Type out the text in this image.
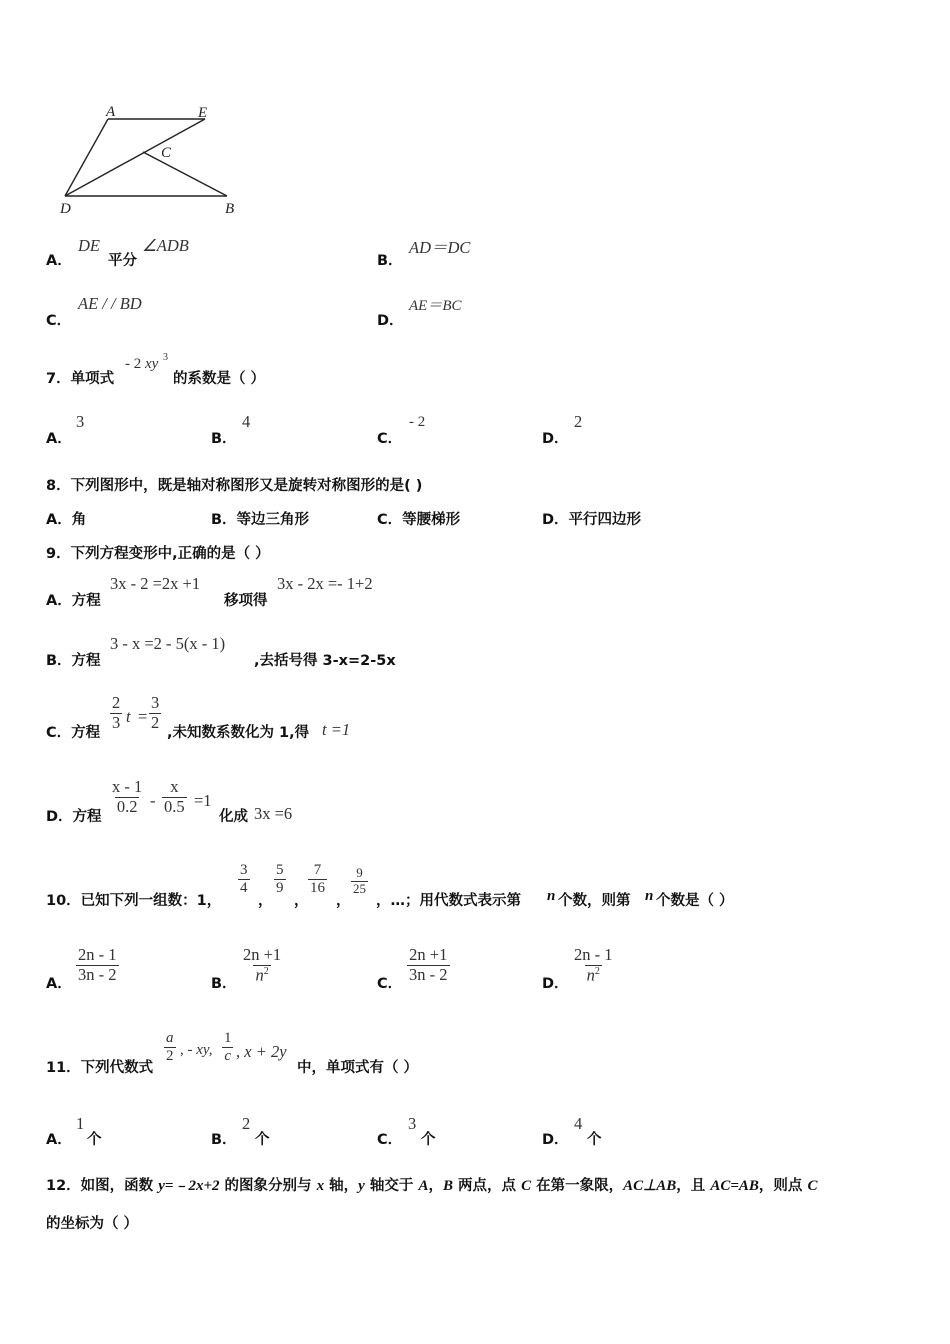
A	E
C
D	B
A．
DE
平分
∠ADB
B．
AD＝DC
C．
AE / / BD
D．
AE＝BC
7．单项式
- 2 xy 3
的系数是（ ）
A．
3
B．
4
C．
- 2
D．
2
8．下列图形中，既是轴对称图形又是旋转对称图形的是( )
A．角	B．等边三角形	C．等腰梯形	D．平行四边形
9．下列方程变形中,正确的是（ ）
A．方程
3x - 2 =2x +1
移项得
3x - 2x =- 1+2
B．方程
3 - x =2 - 5(x - 1)
,去括号得 3-x=2-5x
C．方程
$\frac{2}{3}$ $t = \frac{3}{2}$
,未知数系数化为 1,得 t =1
D．方程
$\frac{x - 1}{0.2} - \frac{x}{0.5} =1$
化成 3x =6
10．已知下列一组数：1，
$\frac{3}{4}$
，
$\frac{5}{9}$
，
$\frac{7}{16}$
，
$\frac{9}{25}$
，…；用代数式表示第 n 个数，则第 n 个数是（ ）
A． $\frac{2n - 1}{3n - 2}$	B． $\frac{2n +1}{n^2}$	C． $\frac{2n +1}{3n - 2}$	D． $\frac{2n - 1}{n^2}$
11．下列代数式
$\frac{a}{2}$ , - xy, $\frac{1}{c}$ , x + 2y
中，单项式有（ ）
A．
1
个	B．
2
个	C．
3
个	D．
4
个
12．如图，函数 y=﹣2x+2 的图象分别与 x 轴，y 轴交于 A，B 两点，点 C 在第一象限，AC⊥AB，且 AC=AB，则点 C
的坐标为（ ）
